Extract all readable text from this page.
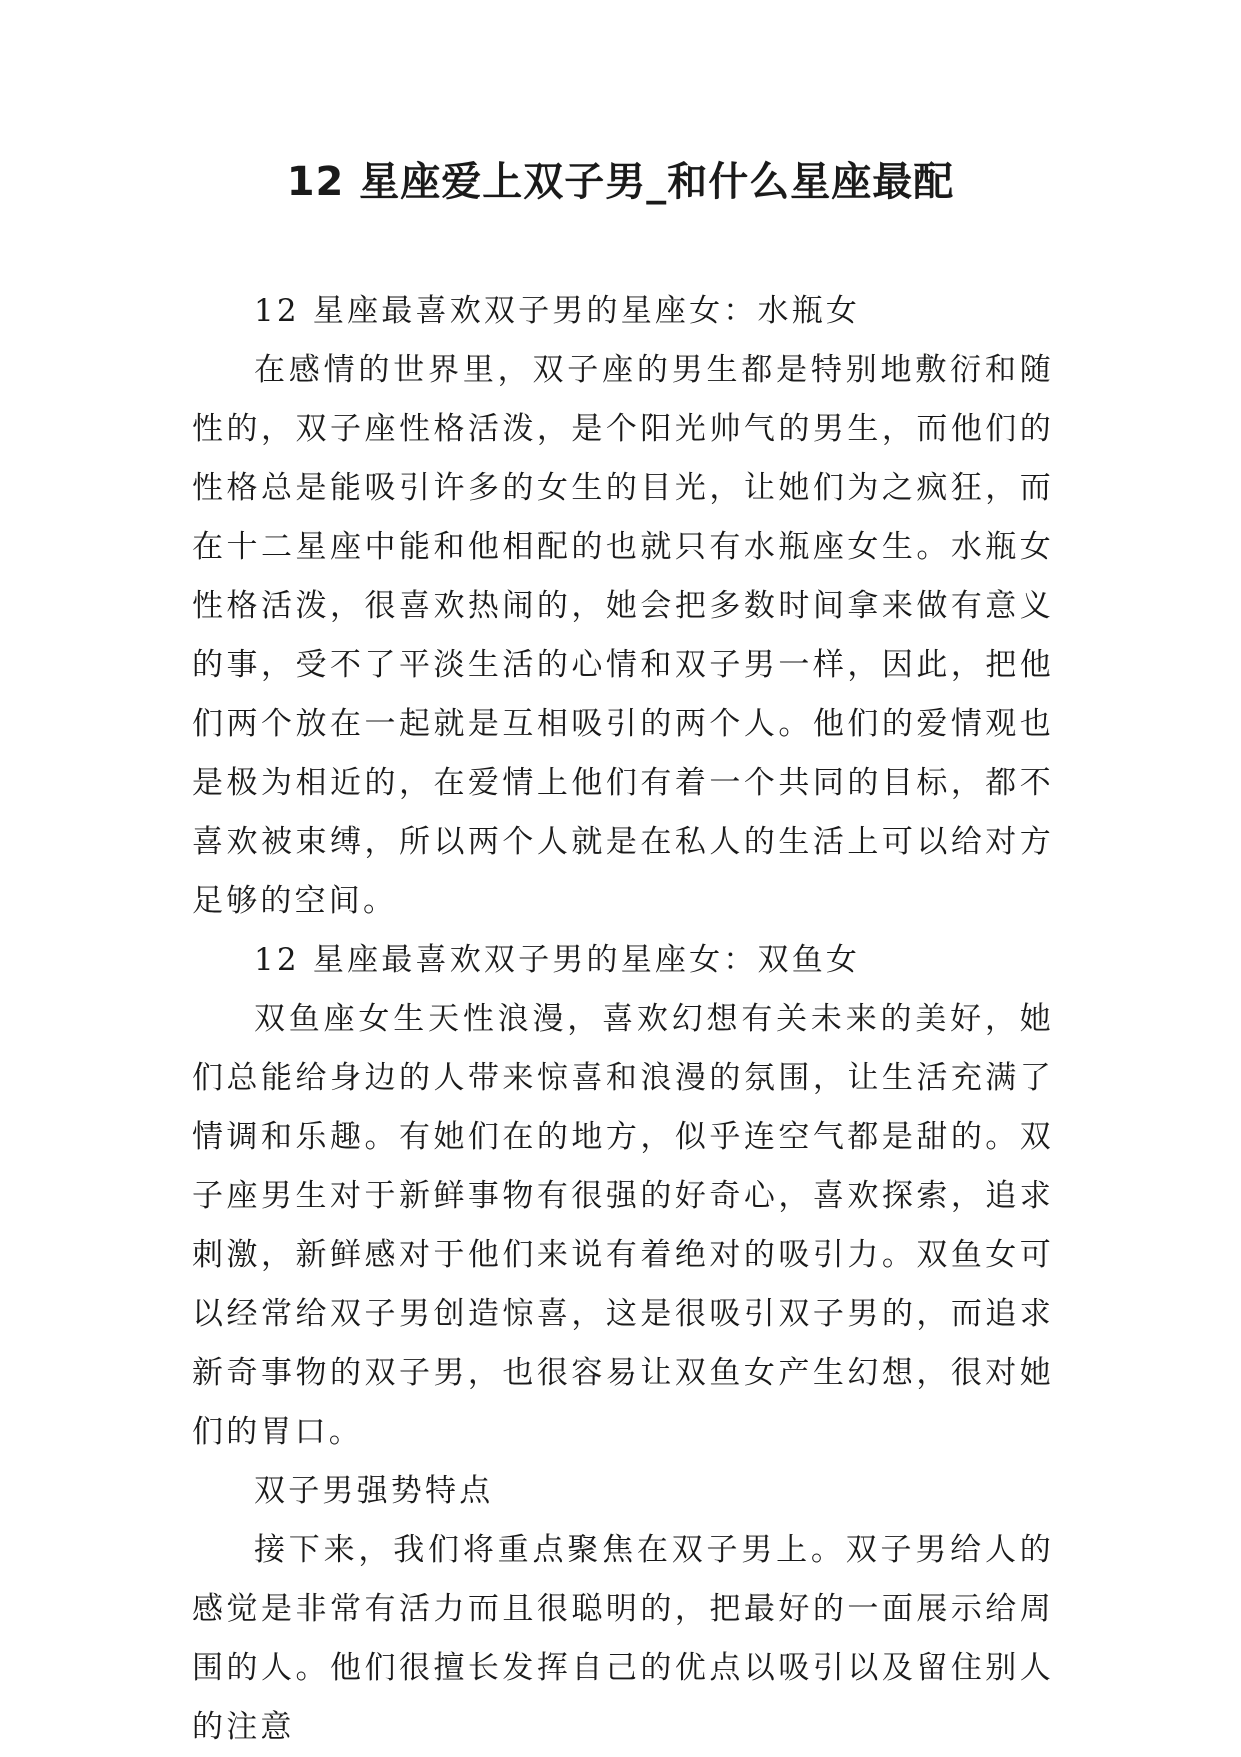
12 星座爱上双子男_和什么星座最配

12 星座最喜欢双子男的星座女：水瓶女

在感情的世界里，双子座的男生都是特别地敷衍和随性的，双子座性格活泼，是个阳光帅气的男生，而他们的性格总是能吸引许多的女生的目光，让她们为之疯狂，而在十二星座中能和他相配的也就只有水瓶座女生。水瓶女性格活泼，很喜欢热闹的，她会把多数时间拿来做有意义的事，受不了平淡生活的心情和双子男一样，因此，把他们两个放在一起就是互相吸引的两个人。他们的爱情观也是极为相近的，在爱情上他们有着一个共同的目标，都不喜欢被束缚，所以两个人就是在私人的生活上可以给对方足够的空间。

12 星座最喜欢双子男的星座女：双鱼女

双鱼座女生天性浪漫，喜欢幻想有关未来的美好，她们总能给身边的人带来惊喜和浪漫的氛围，让生活充满了情调和乐趣。有她们在的地方，似乎连空气都是甜的。双子座男生对于新鲜事物有很强的好奇心，喜欢探索，追求刺激，新鲜感对于他们来说有着绝对的吸引力。双鱼女可以经常给双子男创造惊喜，这是很吸引双子男的，而追求新奇事物的双子男，也很容易让双鱼女产生幻想，很对她们的胃口。

双子男强势特点

接下来，我们将重点聚焦在双子男上。双子男给人的感觉是非常有活力而且很聪明的，把最好的一面展示给周围的人。他们很擅长发挥自己的优点以吸引以及留住别人的注意
